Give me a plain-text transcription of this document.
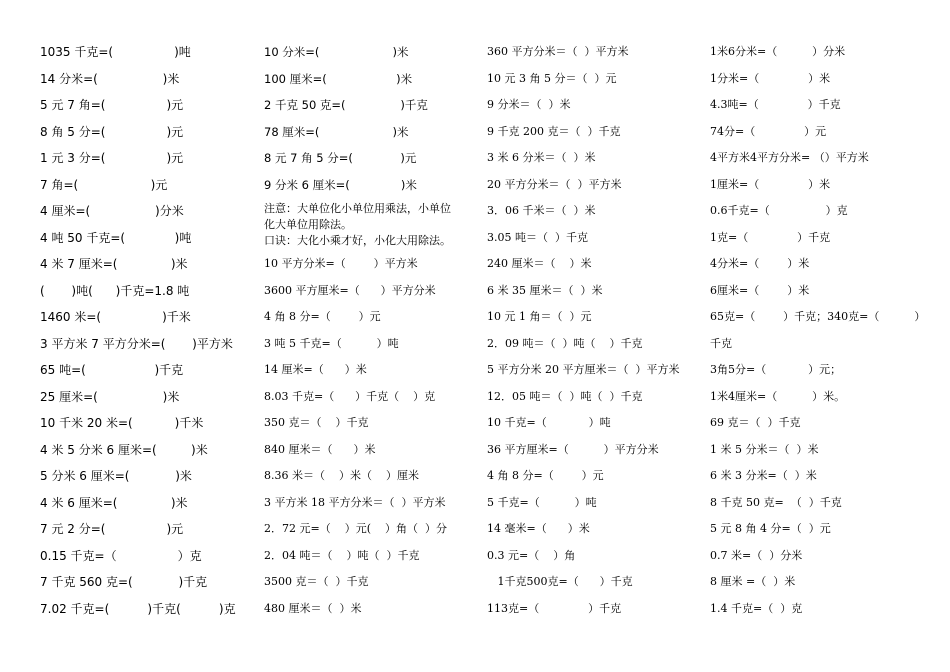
1035 千克=(                )吨
14 分米=(                 )米
5 元 7 角=(                )元
8 角 5 分=(                )元
1 元 3 分=(                )元
7 角=(                   )元
4 厘米=(                 )分米
4 吨 50 千克=(             )吨
4 米 7 厘米=(              )米
(       )吨(      )千克=1.8 吨
1460 米=(                )千米
3 平方米 7 平方分米=(       )平方米
65 吨=(                  )千克
25 厘米=(                 )米
10 千米 20 米=(           )千米
4 米 5 分米 6 厘米=(         )米
5 分米 6 厘米=(            )米
4 米 6 厘米=(              )米
7 元 2 分=(                )元
0.15 千克=（                ）克
7 千克 560 克=(            )千克
7.02 千克=(          )千克(          )克
10 分米=(                    )米
100 厘米=(                   )米
2 千克 50 克=(               )千克
78 厘米=(                    )米
8 元 7 角 5 分=(             )元
9 分米 6 厘米=(              )米
注意：大单位化小单位用乘法，小单位
化大单位用除法。
口诀：大化小乘才好，小化大用除法。
10 平方分米=（        ）平方米
3600 平方厘米=（      ）平方分米
4 角 8 分=（        ）元
3 吨 5 千克=（          ）吨
14 厘米=（      ）米
8.03 千克=（      ）千克（    ）克
350 克＝（    ）千克
840 厘米＝（      ）米
8.36 米＝（    ）米（    ）厘米
3 平方米 18 平方分米＝（  ）平方米
2．72 元=（    ）元(    ）角（  ）分
2．04 吨＝（    ）吨（  ）千克
3500 克＝（  ）千克
480 厘米＝（  ）米
360 平方分米＝（  ）平方米
10 元 3 角 5 分＝（  ）元
9 分米＝（  ）米
9 千克 200 克＝（  ）千克
3 米 6 分米＝（  ）米
20 平方分米＝（  ）平方米
3．06 千米＝（  ）米
3.05 吨＝（  ）千克
240 厘米＝（    ）米
6 米 35 厘米＝（  ）米
10 元 1 角＝（  ）元
2．09 吨＝（  ）吨（    ）千克
5 平方分米 20 平方厘米＝（  ）平方米
12．05 吨＝（  ）吨（  ）千克
10 千克=（            ）吨
36 平方厘米=（          ）平方分米
4 角 8 分=（        ）元
5 千克=（          ）吨
14 毫米=（      ）米
0.3 元=（    ）角
1千克500克=（      ）千克
113克=（              ）千克
1米6分米=（          ）分米
1分米=（              ）米
4.3吨=（              ）千克
74分=（              ）元
4平方米4平方分米= （）平方米
1厘米=（              ）米
0.6千克=（                ）克
1克=（              ）千克
4分米=（        ）米
6厘米=（        ）米
65克=（        ）千克；340克=（          ）
千克
3角5分=（            ）元；
1米4厘米=（          ）米。
69 克＝（  ）千克
1 米 5 分米＝（  ）米
6 米 3 分米=（  ）米
8 千克 50 克=  （  ）千克
5 元 8 角 4 分=（  ）元
0.7 米=（  ）分米
8 厘米 =（  ）米
1.4 千克=（  ）克
